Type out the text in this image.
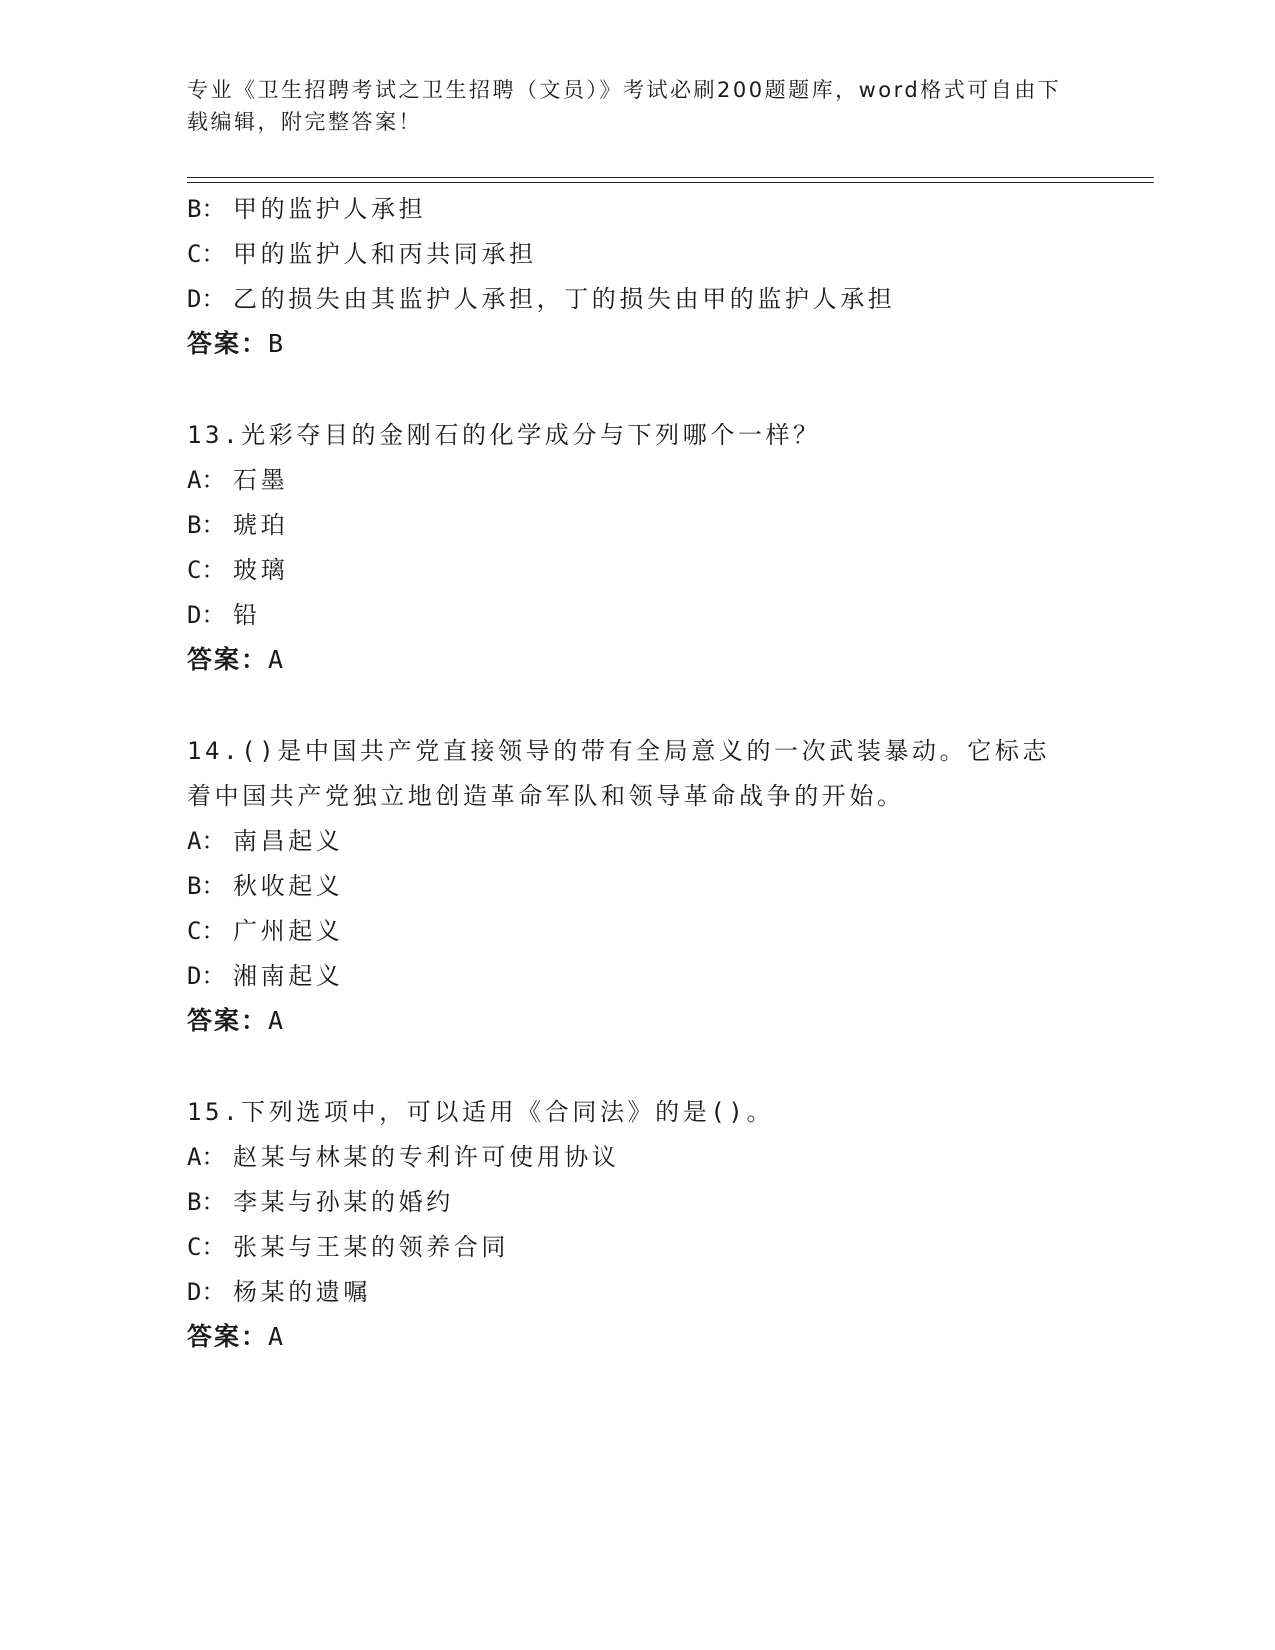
专业《卫生招聘考试之卫生招聘（文员）》考试必刷200题题库，word格式可自由下载编辑，附完整答案！
B： 甲的监护人承担
C： 甲的监护人和丙共同承担
D： 乙的损失由其监护人承担，丁的损失由甲的监护人承担
答案：B
13.光彩夺目的金刚石的化学成分与下列哪个一样？
A： 石墨
B： 琥珀
C： 玻璃
D： 铅
答案：A
14.()是中国共产党直接领导的带有全局意义的一次武装暴动。它标志
着中国共产党独立地创造革命军队和领导革命战争的开始。
A： 南昌起义
B： 秋收起义
C： 广州起义
D： 湘南起义
答案：A
15.下列选项中，可以适用《合同法》的是()。
A： 赵某与林某的专利许可使用协议
B： 李某与孙某的婚约
C： 张某与王某的领养合同
D： 杨某的遗嘱
答案：A
